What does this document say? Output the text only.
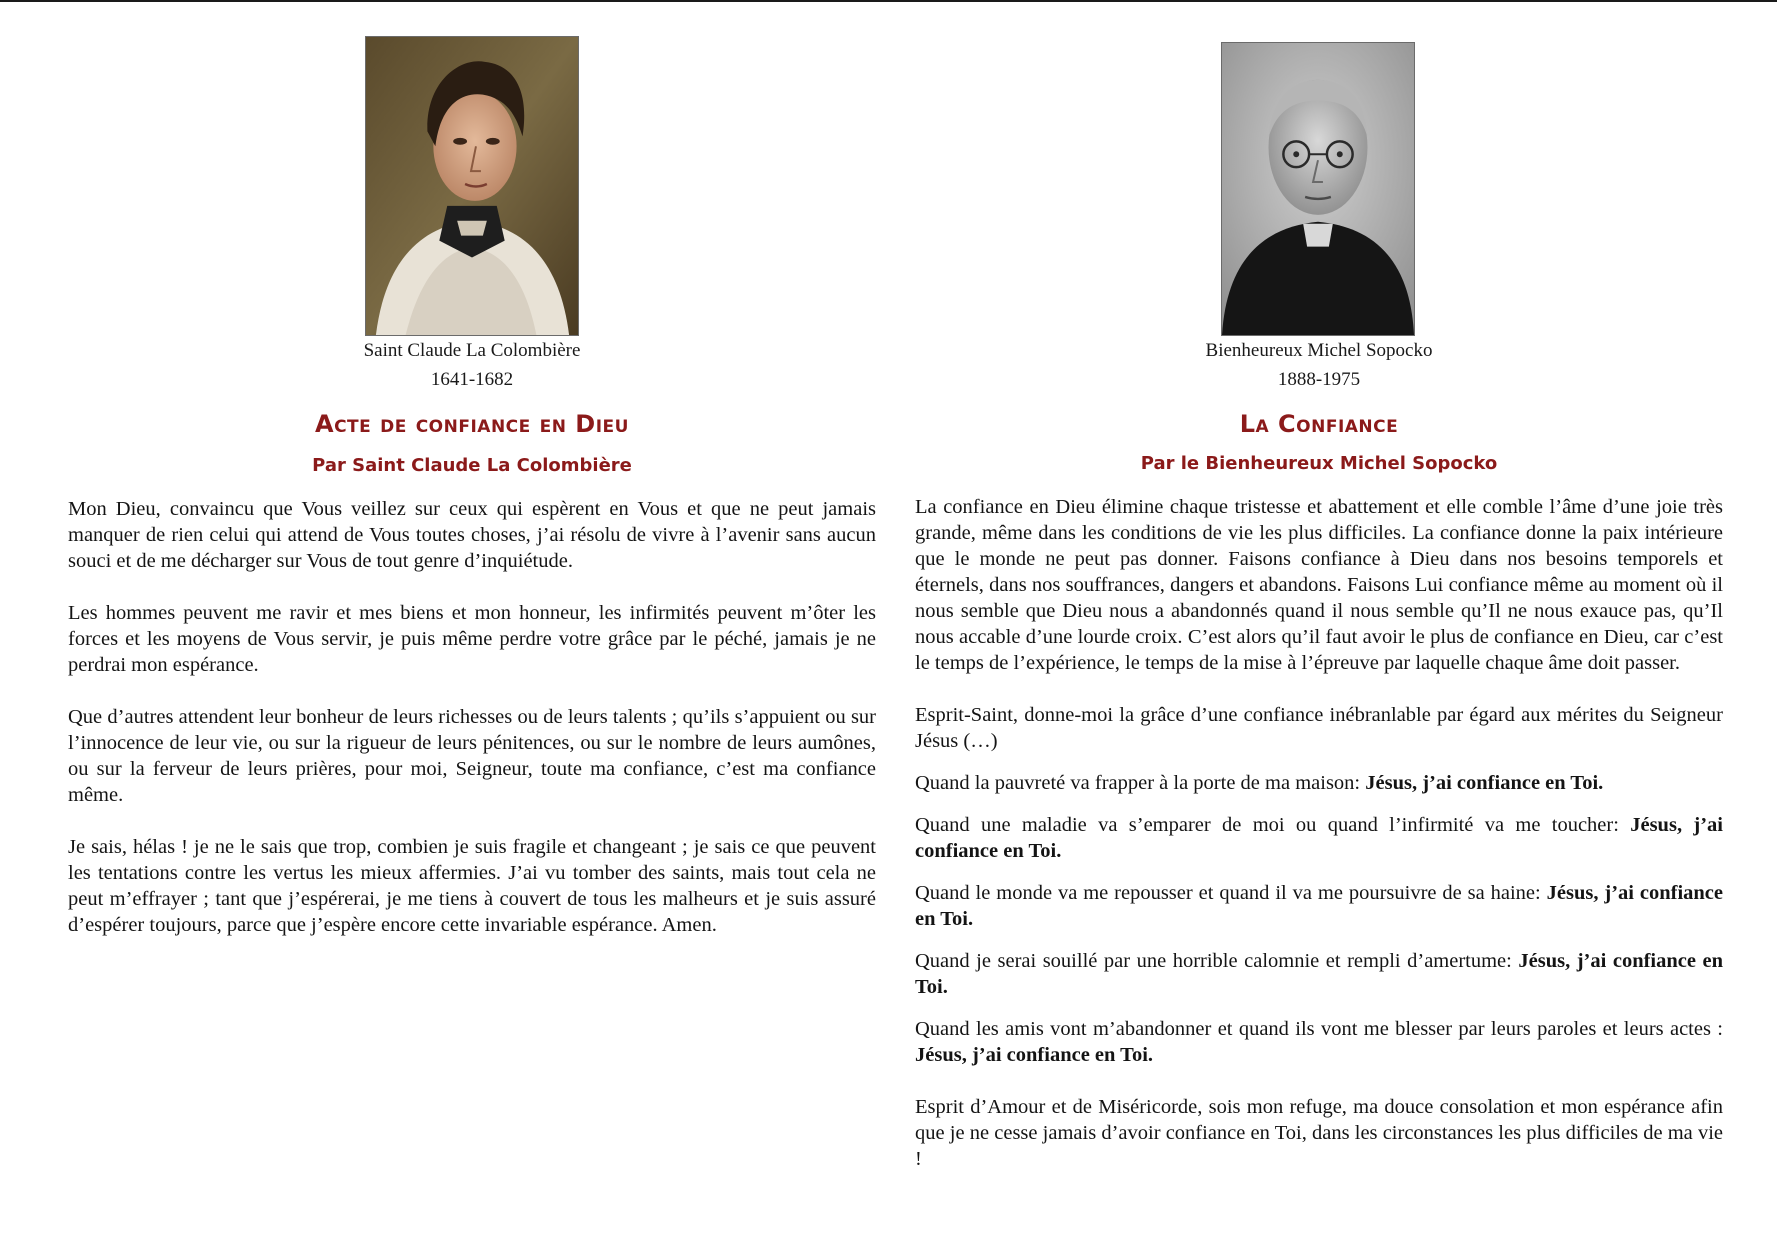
Saint Claude La Colombière
1641-1682
Acte de confiance en Dieu
Par Saint Claude La Colombière

Mon Dieu, convaincu que Vous veillez sur ceux qui espèrent en Vous et que ne peut jamais manquer de rien celui qui attend de Vous toutes choses, j’ai résolu de vivre à l’avenir sans aucun souci et de me décharger sur Vous de tout genre d’inquiétude.

Les hommes peuvent me ravir et mes biens et mon honneur, les infirmités peuvent m’ôter les forces et les moyens de Vous servir, je puis même perdre votre grâce par le péché, jamais je ne perdrai mon espérance.

Que d’autres attendent leur bonheur de leurs richesses ou de leurs talents ; qu’ils s’appuient ou sur l’innocence de leur vie, ou sur la rigueur de leurs pénitences, ou sur le nombre de leurs aumônes, ou sur la ferveur de leurs prières, pour moi, Seigneur, toute ma confiance, c’est ma confiance même.

Je sais, hélas ! je ne le sais que trop, combien je suis fragile et changeant ; je sais ce que peuvent les tentations contre les vertus les mieux affermies. J’ai vu tomber des saints, mais tout cela ne peut m’effrayer ; tant que j’espérerai, je me tiens à couvert de tous les malheurs et je suis assuré d’espérer toujours, parce que j’espère encore cette invariable espérance. Amen.

Bienheureux Michel Sopocko
1888-1975
La Confiance
Par le Bienheureux Michel Sopocko

La confiance en Dieu élimine chaque tristesse et abattement et elle comble l’âme d’une joie très grande, même dans les conditions de vie les plus difficiles. La confiance donne la paix intérieure que le monde ne peut pas donner. Faisons confiance à Dieu dans nos besoins temporels et éternels, dans nos souffrances, dangers et abandons. Faisons Lui confiance même au moment où il nous semble que Dieu nous a abandonnés quand il nous semble qu’Il ne nous exauce pas, qu’Il nous accable d’une lourde croix. C’est alors qu’il faut avoir le plus de confiance en Dieu, car c’est le temps de l’expérience, le temps de la mise à l’épreuve par laquelle chaque âme doit passer.

Esprit-Saint, donne-moi la grâce d’une confiance inébranlable par égard aux mérites du Seigneur Jésus (…)

Quand la pauvreté va frapper à la porte de ma maison: Jésus, j’ai confiance en Toi.

Quand une maladie va s’emparer de moi ou quand l’infirmité va me toucher: Jésus, j’ai confiance en Toi.

Quand le monde va me repousser et quand il va me poursuivre de sa haine: Jésus, j’ai confiance en Toi.

Quand je serai souillé par une horrible calomnie et rempli d’amertume: Jésus, j’ai confiance en Toi.

Quand les amis vont m’abandonner et quand ils vont me blesser par leurs paroles et leurs actes : Jésus, j’ai confiance en Toi.

Esprit d’Amour et de Miséricorde, sois mon refuge, ma douce consolation et mon espérance afin que je ne cesse jamais d’avoir confiance en Toi, dans les circonstances les plus difficiles de ma vie !
